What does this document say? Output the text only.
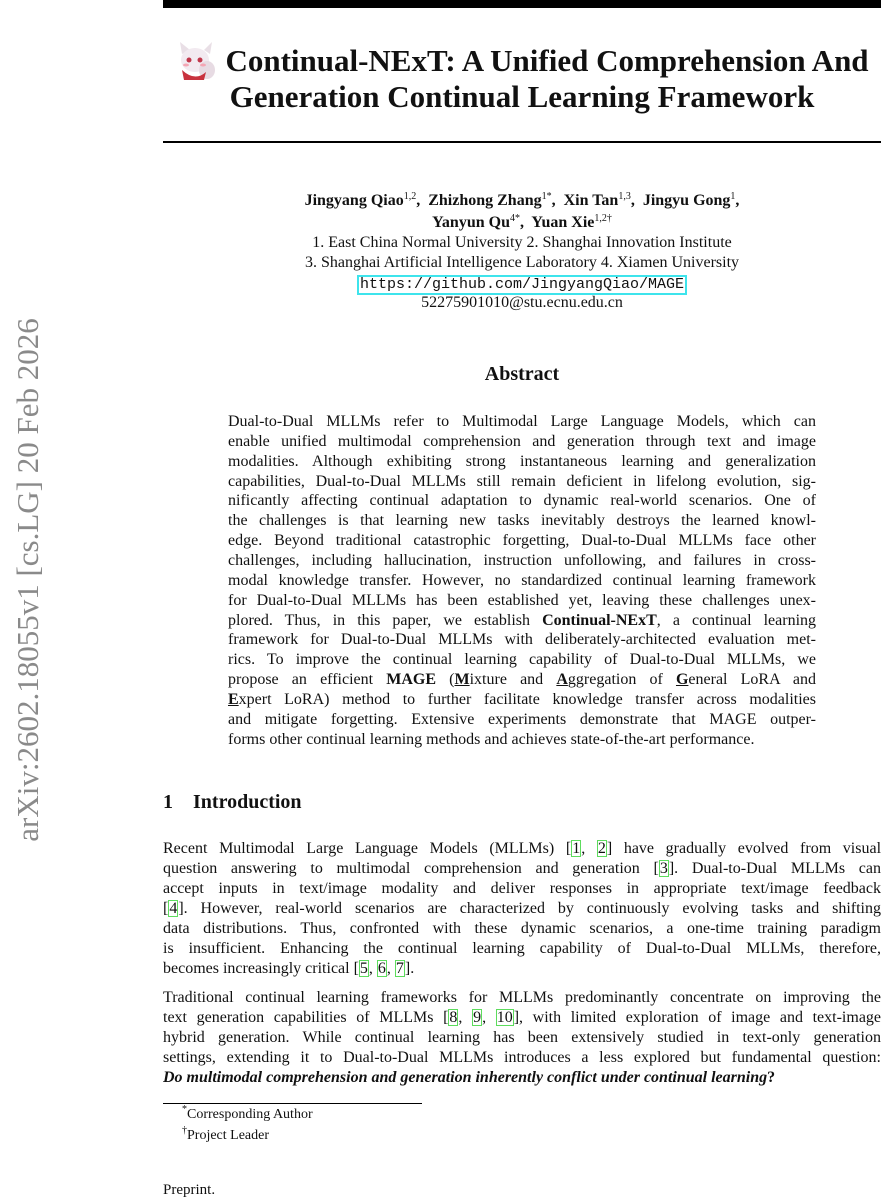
arXiv:2602.18055v1 [cs.LG] 20 Feb 2026
Continual-NExT: A Unified Comprehension And
Generation Continual Learning Framework
Jingyang Qiao$^{1,2}$,  Zhizhong Zhang$^{1*}$,  Xin Tan$^{1,3}$,  Jingyu Gong$^1$,
Yanyun $Qu^{4*}$,  Yuan Xie$^{1,2\dagger}$
1. East China Normal University 2. Shanghai Innovation Institute
3. Shanghai Artificial Intelligence Laboratory 4. Xiamen University
https://github.com/JingyangQiao/MAGE
52275901010@stu.ecnu.edu.cn
Abstract
Dual-to-Dual MLLMs refer to Multimodal Large Language Models, which can
enable unified multimodal comprehension and generation through text and image
modalities. Although exhibiting strong instantaneous learning and generalization
capabilities, Dual-to-Dual MLLMs still remain deficient in lifelong evolution, sig-
nificantly affecting continual adaptation to dynamic real-world scenarios. One of
the challenges is that learning new tasks inevitably destroys the learned knowl-
edge. Beyond traditional catastrophic forgetting, Dual-to-Dual MLLMs face other
challenges, including hallucination, instruction unfollowing, and failures in cross-
modal knowledge transfer. However, no standardized continual learning framework
for Dual-to-Dual MLLMs has been established yet, leaving these challenges unex-
plored. Thus, in this paper, we establish Continual-NExT, a continual learning
framework for Dual-to-Dual MLLMs with deliberately-architected evaluation met-
rics. To improve the continual learning capability of Dual-to-Dual MLLMs, we
propose an efficient MAGE (Mixture and Aggregation of General LoRA and
Expert LoRA) method to further facilitate knowledge transfer across modalities
and mitigate forgetting. Extensive experiments demonstrate that MAGE outper-
forms other continual learning methods and achieves state-of-the-art performance.
1    Introduction
Recent Multimodal Large Language Models (MLLMs) [1, 2] have gradually evolved from visual
question answering to multimodal comprehension and generation [3]. Dual-to-Dual MLLMs can
accept inputs in text/image modality and deliver responses in appropriate text/image feedback
[4]. However, real-world scenarios are characterized by continuously evolving tasks and shifting
data distributions. Thus, confronted with these dynamic scenarios, a one-time training paradigm
is insufficient. Enhancing the continual learning capability of Dual-to-Dual MLLMs, therefore,
becomes increasingly critical [5, 6, 7].
Traditional continual learning frameworks for MLLMs predominantly concentrate on improving the
text generation capabilities of MLLMs [8, 9, 10], with limited exploration of image and text-image
hybrid generation. While continual learning has been extensively studied in text-only generation
settings, extending it to Dual-to-Dual MLLMs introduces a less explored but fundamental question:
Do multimodal comprehension and generation inherently conflict under continual learning?
*Corresponding Author
†Project Leader
Preprint.
